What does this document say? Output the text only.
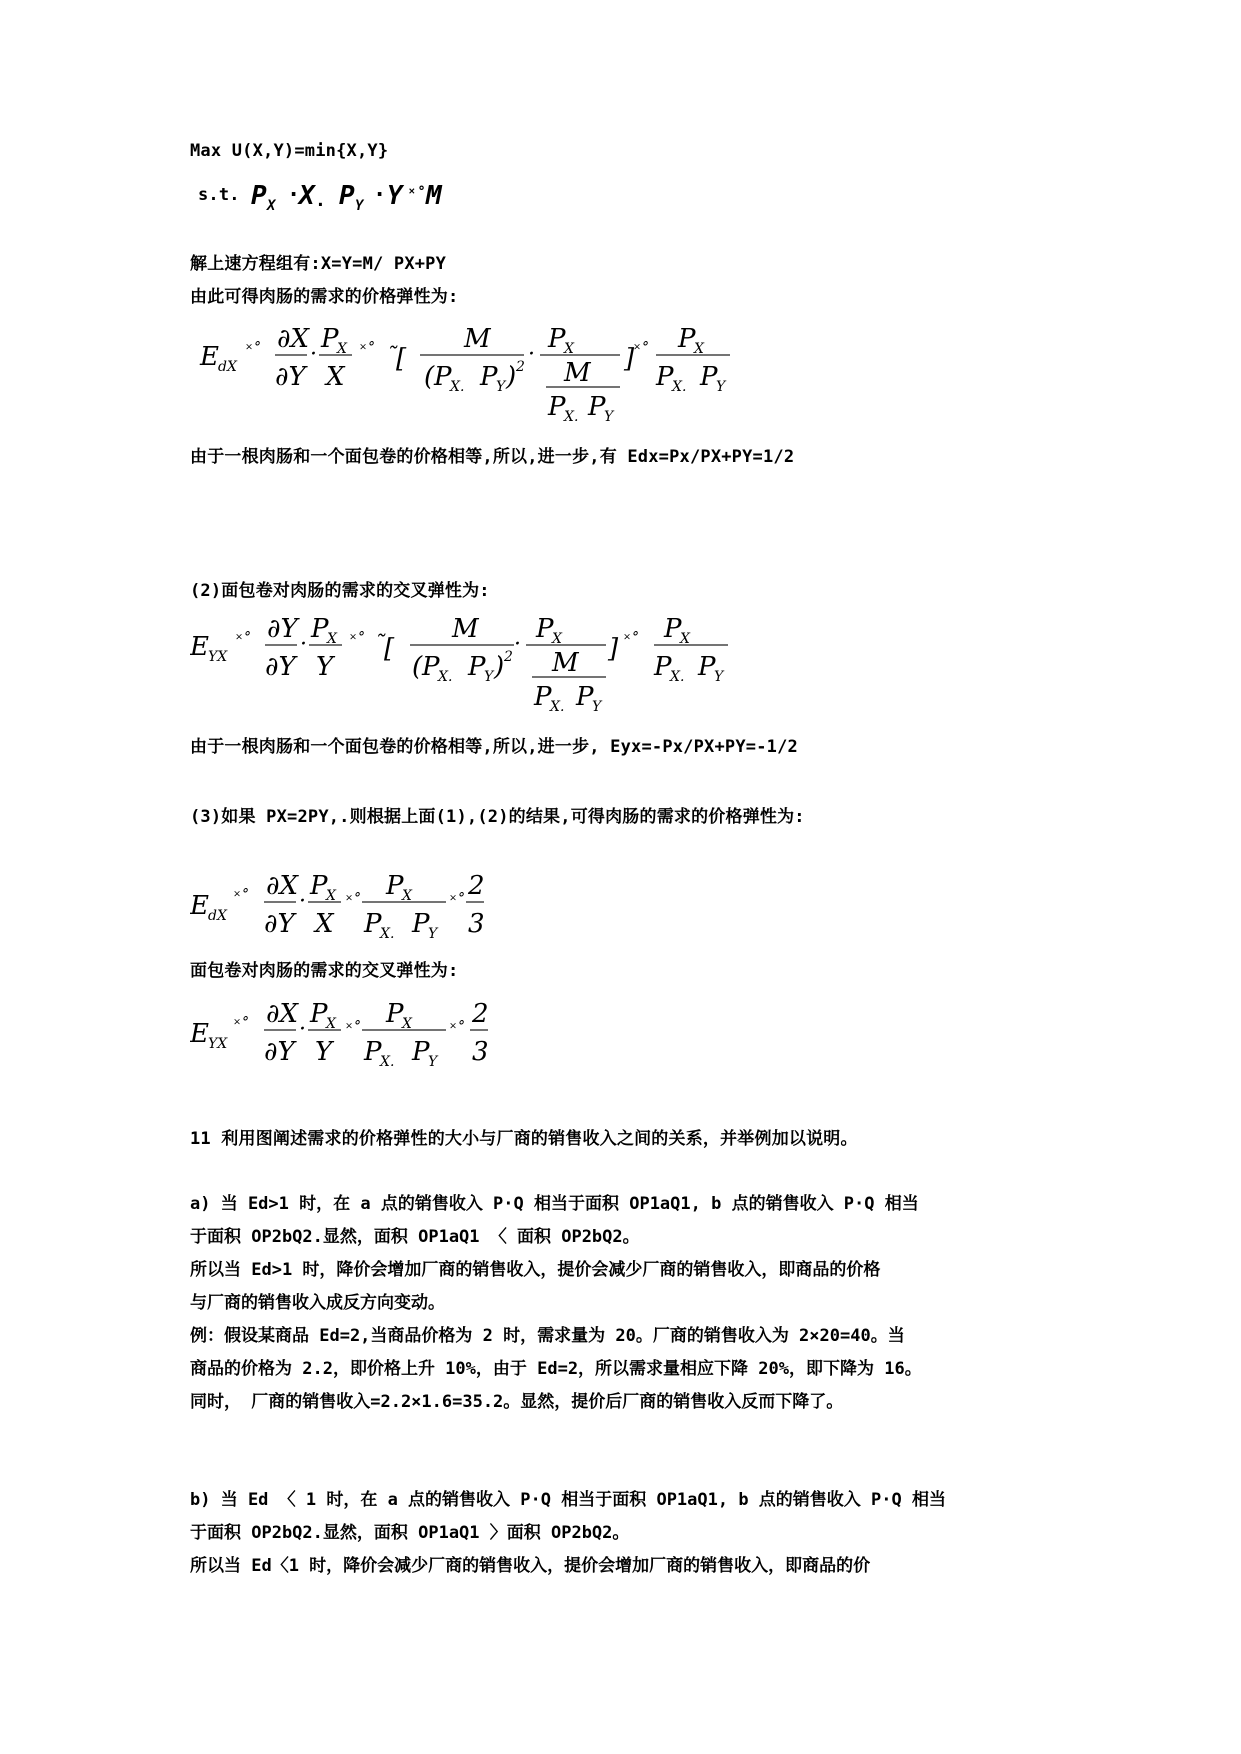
Max U(X,Y)=min{X,Y}
s.t. P X ·
X . P Y · Y ˟˚ M
解上速方程组有:X=Y=M/ PX+PY
由此可得肉肠的需求的价格弹性为:
E dX
˟˚ ∂X
∂Y
·
P
X
X
˟˚ ˜ [
M
( P
X. P
Y ) 2 ·
P
X
M
P
X. P
Y
] ˟˚ P
X
P
X. P
Y
由于一根肉肠和一个面包卷的价格相等,所以,进一步,有 Edx=Px/PX+PY=1/2
(2)面包卷对肉肠的需求的交叉弹性为:
E YX
˟˚ ∂Y
∂Y
·
P
X
Y
˟˚ ˜ [
M
( P
X. P
Y ) 2 ·
P
X
M
P
X. P
Y
] ˟˚ P
X
P
X. P
Y
由于一根肉肠和一个面包卷的价格相等,所以,进一步, Eyx=-Px/PX+PY=-1/2
(3)如果 PX=2PY,.则根据上面(1),(2)的结果,可得肉肠的需求的价格弹性为:
E dX
˟˚ ∂X
∂Y
·
P
X
X
˟˚ P
X
P
X. P
Y
˟˚ 2
3
面包卷对肉肠的需求的交叉弹性为:
E YX
˟˚ ∂X
∂Y
·
P
X
Y
˟˚ P
X
P
X. P
Y
˟˚ 2
3
11 利用图阐述需求的价格弹性的大小与厂商的销售收入之间的关系，并举例加以说明。
a) 当 Ed>1 时，在 a 点的销售收入 P·Q 相当于面积 OP1aQ1, b 点的销售收入 P·Q 相当
于面积 OP2bQ2.显然，面积 OP1aQ1 〈 面积 OP2bQ2。
所以当 Ed>1 时，降价会增加厂商的销售收入，提价会减少厂商的销售收入，即商品的价格
与厂商的销售收入成反方向变动。
例：假设某商品 Ed=2,当商品价格为 2 时，需求量为 20。厂商的销售收入为 2×20=40。当
商品的价格为 2.2，即价格上升 10%，由于 Ed=2，所以需求量相应下降 20%，即下降为 16。
同时， 厂商的销售收入=2.2×1.6=35.2。显然，提价后厂商的销售收入反而下降了。
b) 当 Ed 〈 1 时，在 a 点的销售收入 P·Q 相当于面积 OP1aQ1, b 点的销售收入 P·Q 相当
于面积 OP2bQ2.显然，面积 OP1aQ1 〉面积 OP2bQ2。
所以当 Ed〈1 时，降价会减少厂商的销售收入，提价会增加厂商的销售收入，即商品的价
